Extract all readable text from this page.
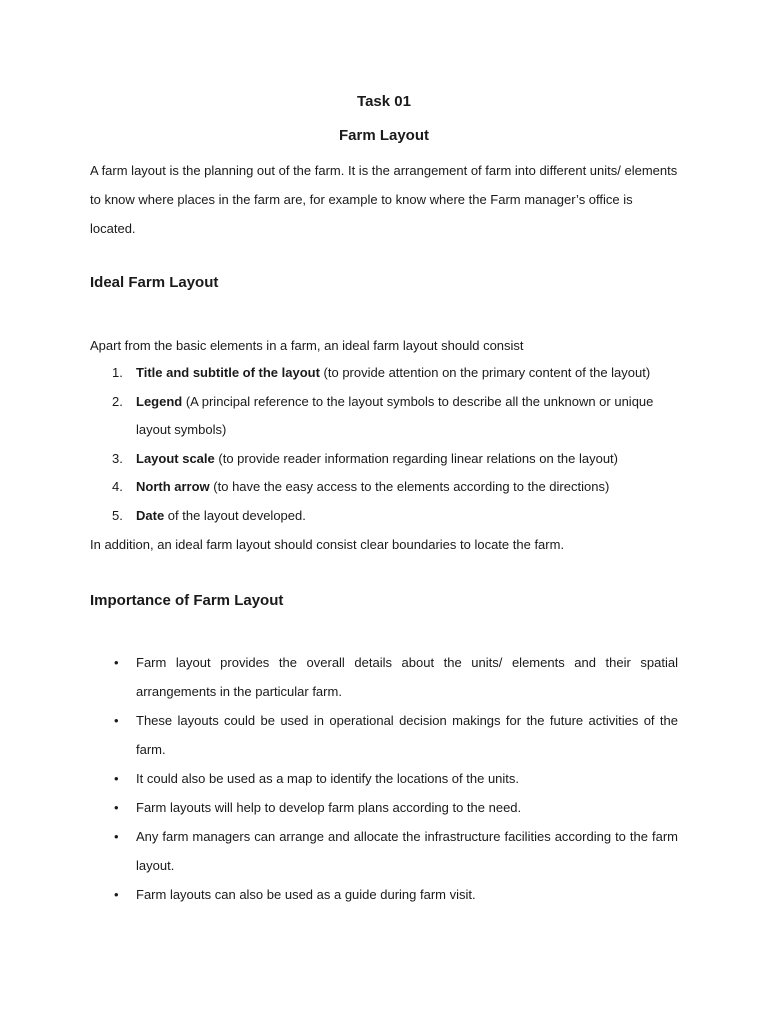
Task 01
Farm Layout

A farm layout is the planning out of the farm. It is the arrangement of farm into different units/ elements to know where places in the farm are, for example to know where the Farm manager’s office is located.

Ideal Farm Layout

Apart from the basic elements in a farm, an ideal farm layout should consist

1. Title and subtitle of the layout (to provide attention on the primary content of the layout)
2. Legend (A principal reference to the layout symbols to describe all the unknown or unique layout symbols)
3. Layout scale (to provide reader information regarding linear relations on the layout)
4. North arrow (to have the easy access to the elements according to the directions)
5. Date of the layout developed.

In addition, an ideal farm layout should consist clear boundaries to locate the farm.

Importance of Farm Layout
• Farm layout provides the overall details about the units/ elements and their spatial arrangements in the particular farm.
• These layouts could be used in operational decision makings for the future activities of the farm.
• It could also be used as a map to identify the locations of the units.
• Farm layouts will help to develop farm plans according to the need.
• Any farm managers can arrange and allocate the infrastructure facilities according to the farm layout.
• Farm layouts can also be used as a guide during farm visit.
